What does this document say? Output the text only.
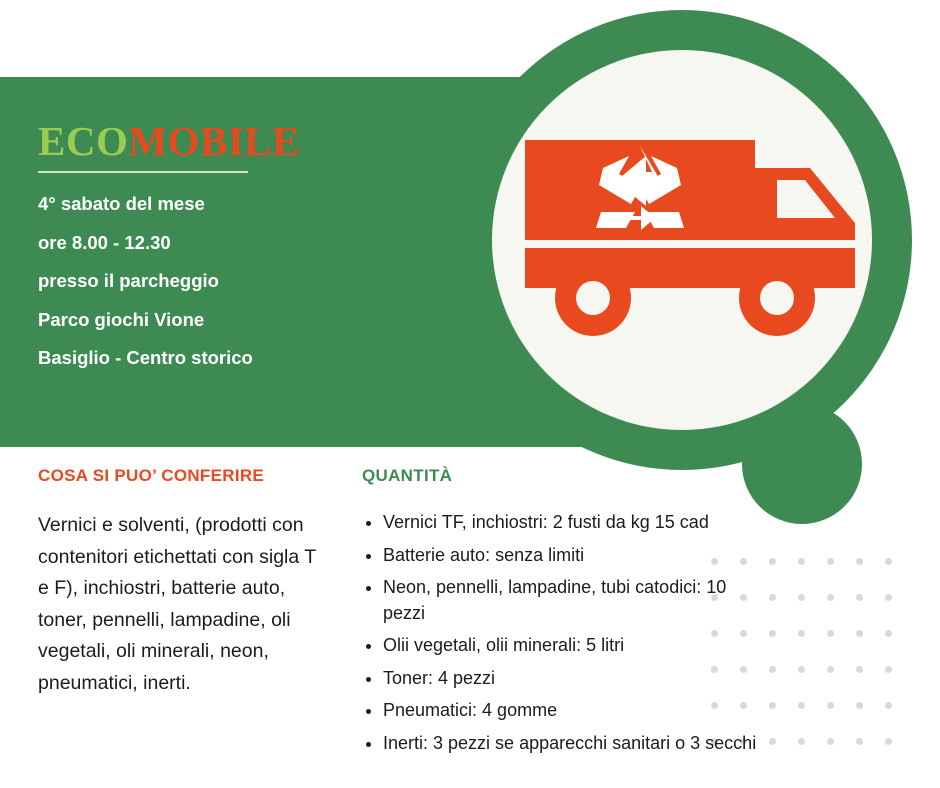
ECOMOBILE
4° sabato del mese
ore 8.00 - 12.30
presso il parcheggio
Parco giochi Vione
Basiglio - Centro storico
COSA SI PUO’ CONFERIRE
Vernici e solventi, (prodotti con contenitori etichettati con sigla T e F), inchiostri, batterie auto, toner, pennelli, lampadine, oli vegetali, oli minerali, neon, pneumatici, inerti.
QUANTITÀ
• Vernici TF, inchiostri: 2 fusti da kg 15 cad
• Batterie auto: senza limiti
• Neon, pennelli, lampadine, tubi catodici: 10 pezzi
• Olii vegetali, olii minerali: 5 litri
• Toner: 4 pezzi
• Pneumatici: 4 gomme
• Inerti: 3 pezzi se apparecchi sanitari o 3 secchi
